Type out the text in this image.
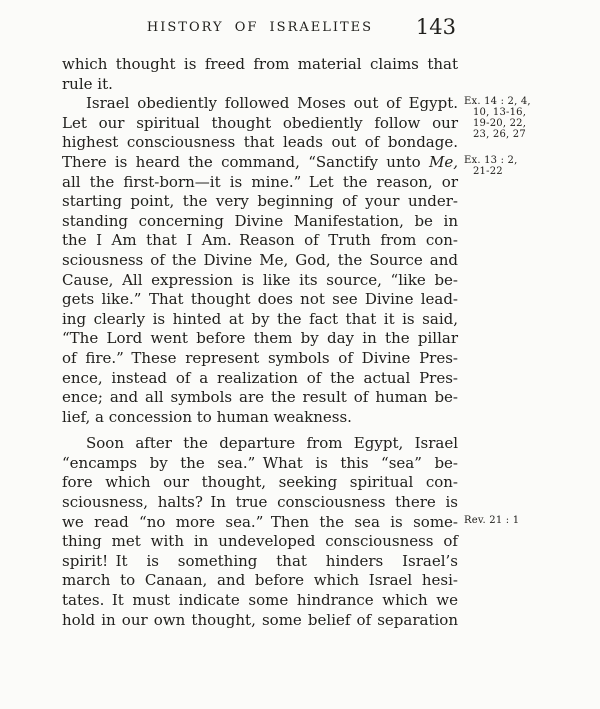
HISTORY OF ISRAELITES 143
which thought is freed from material claims that
rule it.
Israel obediently followed Moses out of Egypt. Ex. 14 : 2, 4,
10, 13-16,
19-20, 22,
23, 26, 27
Let our spiritual thought obediently follow our
highest consciousness that leads out of bondage.
There is heard the command, “Sanctify unto Me, Ex. 13 : 2,
21-22
all the first-born—it is mine.” Let the reason, or
starting point, the very beginning of your under-
standing concerning Divine Manifestation, be in
the I Am that I Am. Reason of Truth from con-
sciousness of the Divine Me, God, the Source and
Cause, All expression is like its source, “like be-
gets like.” That thought does not see Divine lead-
ing clearly is hinted at by the fact that it is said,
“The Lord went before them by day in the pillar
of fire.” These represent symbols of Divine Pres-
ence, instead of a realization of the actual Pres-
ence; and all symbols are the result of human be-
lief, a concession to human weakness.
Soon after the departure from Egypt, Israel
“encamps by the sea.” What is this “sea” be-
fore which our thought, seeking spiritual con-
sciousness, halts? In true consciousness there is
we read “no more sea.” Then the sea is some- Rev. 21 : 1
thing met with in undeveloped consciousness of
spirit! It is something that hinders Israel’s
march to Canaan, and before which Israel hesi-
tates. It must indicate some hindrance which we
hold in our own thought, some belief of separation
